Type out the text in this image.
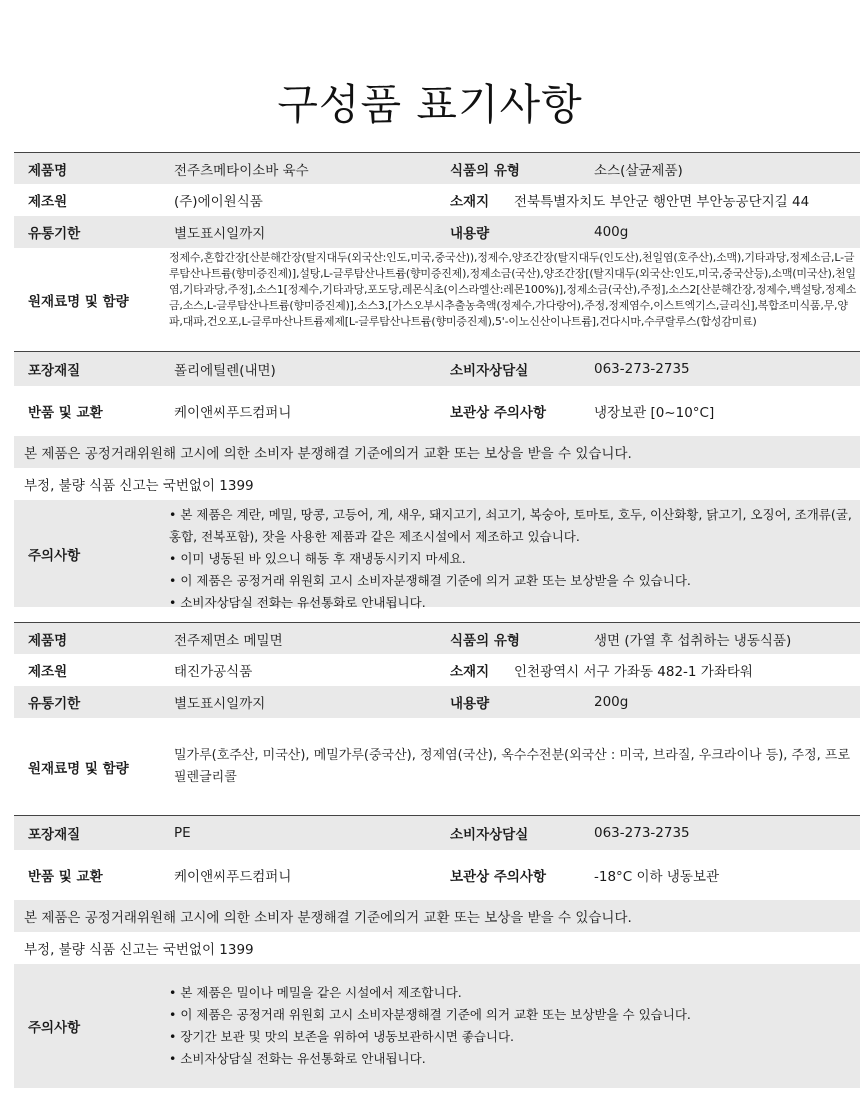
구성품 표기사항
제품명	전주츠메타이소바 육수	식품의 유형	소스(살균제품)
제조원	(주)에이원식품	소재지	전북특별자치도 부안군 행안면 부안농공단지길 44
유통기한	별도표시일까지	내용량	400g
원재료명 및 함량
정제수,혼합간장[산분해간장(탈지대두(외국산:인도,미국,중국산)),정제수,양조간장(탈지대두(인도산),천일염(호주산),소맥),기타과당,정제소금,L-글루탐산나트륨(향미증진제)],설탕,L-글루탐산나트륨(향미증진제),정제소금(국산),양조간장[(탈지대두(외국산:인도,미국,중국산등),소맥(미국산),천일염,기타과당,주정],소스1[정제수,기타과당,포도당,레몬식초(이스라엘산:레몬100%)],정제소금(국산),주정],소스2[산분해간장,정제수,백설탕,정제소금,소스,L-글루탐산나트륨(향미증진제)],소스3,[가스오부시추출농축액(정제수,가다랑어),주정,정제염수,이스트엑기스,글리신],복합조미식품,무,양파,대파,건오포,L-글루마산나트륨제제[L-글루탐산나트륨(향미증진제),5'-이노신산이나트륨],건다시마,수쿠랄루스(합성감미료)
포장재질	폴리에틸렌(내면)	소비자상담실	063-273-2735
반품 및 교환	케이앤씨푸드컴퍼니	보관상 주의사항	냉장보관 [0~10°C]
본 제품은 공정거래위원해 고시에 의한 소비자 분쟁해결 기준에의거 교환 또는 보상을 받을 수 있습니다.
부정, 불량 식품 신고는 국번없이 1399
주의사항
• 본 제품은 계란, 메밀, 땅콩, 고등어, 게, 새우, 돼지고기, 쇠고기, 복숭아, 토마토, 호두, 이산화황, 닭고기, 오징어, 조개류(굴, 홍합, 전복포함), 잣을 사용한 제품과 같은 제조시설에서 제조하고 있습니다.
• 이미 냉동된 바 있으니 해동 후 재냉동시키지 마세요.
• 이 제품은 공정거래 위원회 고시 소비자분쟁해결 기준에 의거 교환 또는 보상받을 수 있습니다.
• 소비자상담실 전화는 유선통화로 안내됩니다.
제품명	전주제면소 메밀면	식품의 유형	생면 (가열 후 섭취하는 냉동식품)
제조원	태진가공식품	소재지	인천광역시 서구 가좌동 482-1 가좌타워
유통기한	별도표시일까지	내용량	200g
원재료명 및 함량
밀가루(호주산, 미국산), 메밀가루(중국산), 정제염(국산), 옥수수전분(외국산 : 미국, 브라질, 우크라이나 등), 주정, 프로필렌글리콜
포장재질	PE	소비자상담실	063-273-2735
반품 및 교환	케이앤씨푸드컴퍼니	보관상 주의사항	-18°C 이하 냉동보관
본 제품은 공정거래위원해 고시에 의한 소비자 분쟁해결 기준에의거 교환 또는 보상을 받을 수 있습니다.
부정, 불량 식품 신고는 국번없이 1399
주의사항
• 본 제품은 밀이나 메밀을 같은 시설에서 제조합니다.
• 이 제품은 공정거래 위원회 고시 소비자분쟁해결 기준에 의거 교환 또는 보상받을 수 있습니다.
• 장기간 보관 및 맛의 보존을 위하여 냉동보관하시면 좋습니다.
• 소비자상담실 전화는 유선통화로 안내됩니다.
